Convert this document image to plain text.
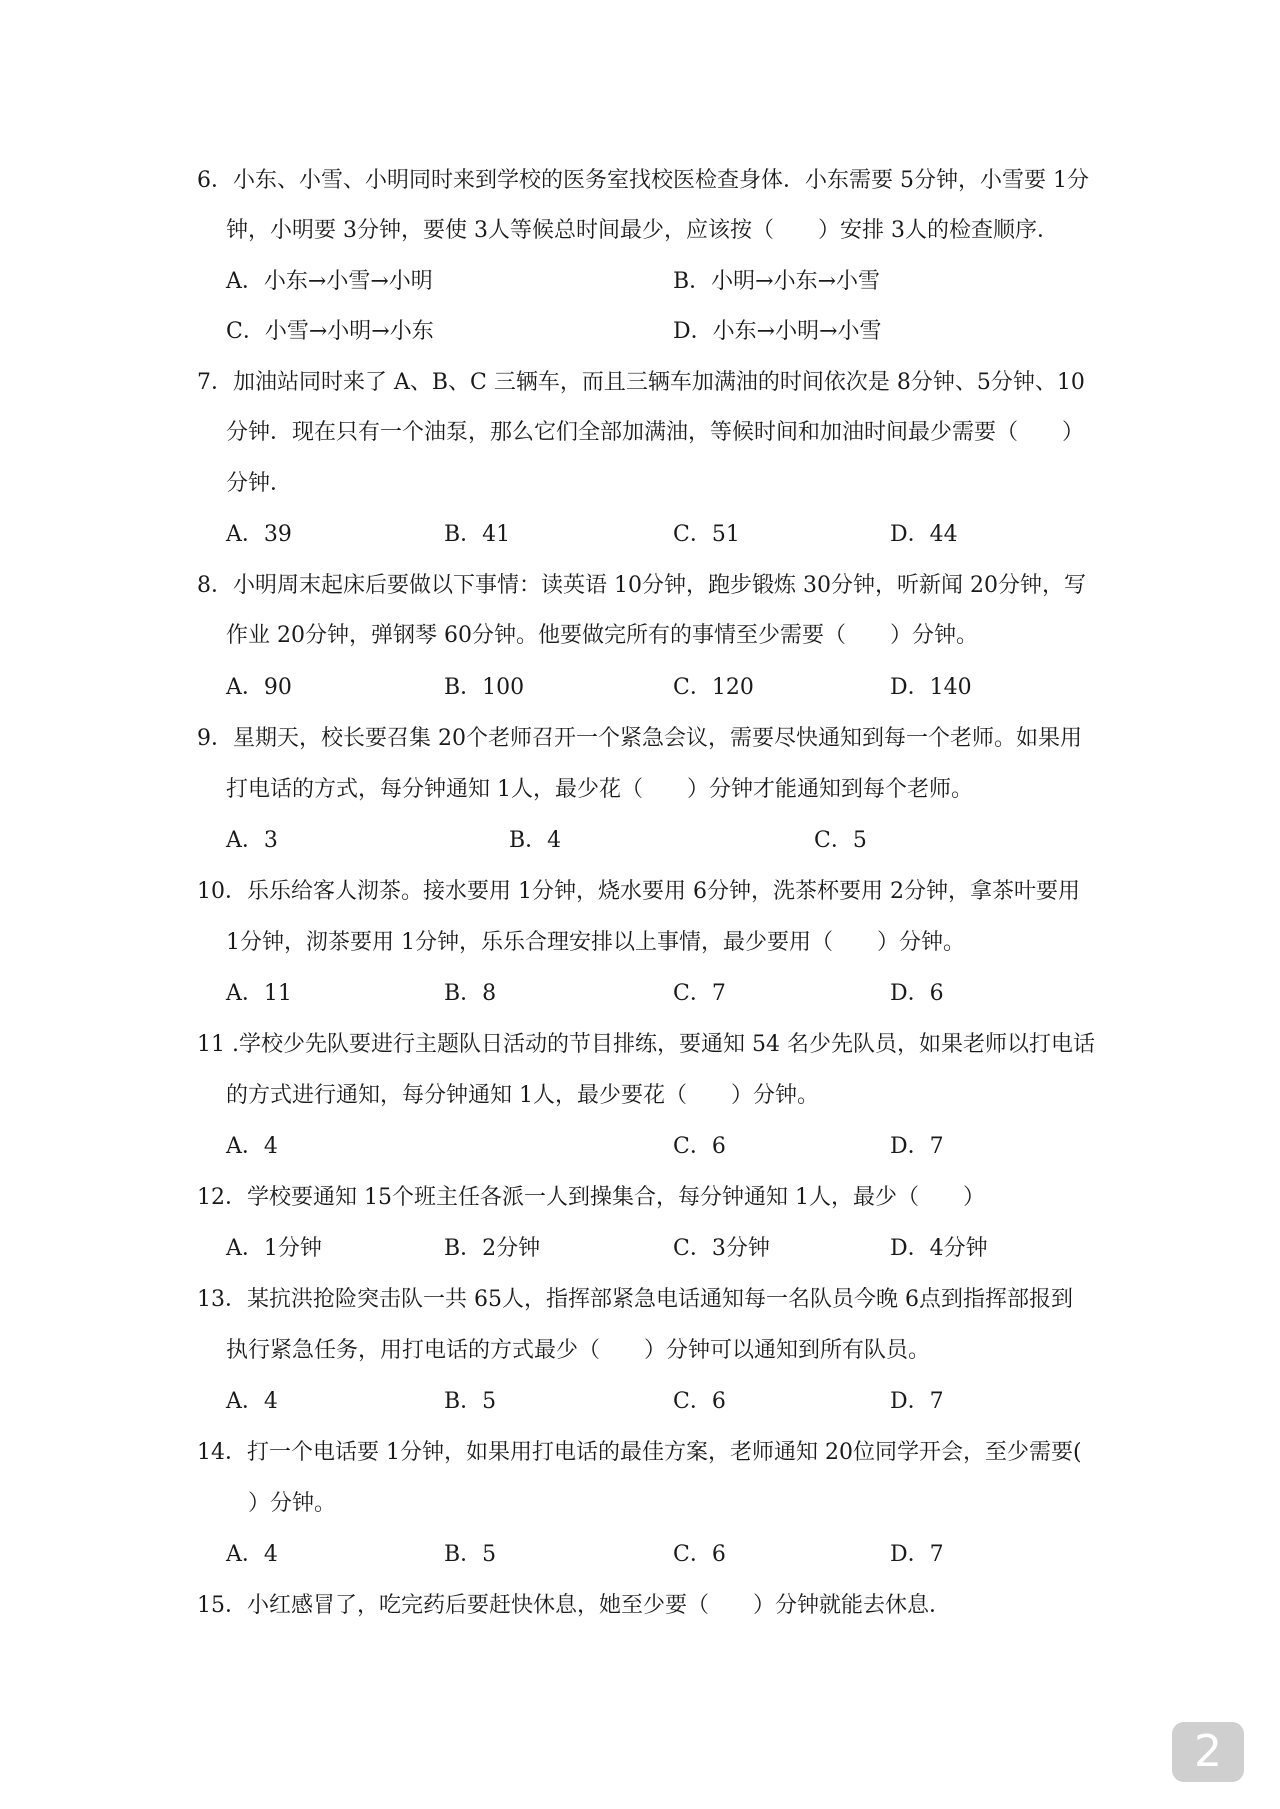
6．小东、小雪、小明同时来到学校的医务室找校医检查身体．小东需要 5分钟，小雪要 1分
钟，小明要 3分钟，要使 3人等候总时间最少，应该按（　　）安排 3人的检查顺序．
A．小东→小雪→小明	B．小明→小东→小雪
C．小雪→小明→小东	D．小东→小明→小雪
7．加油站同时来了 A、B、C 三辆车，而且三辆车加满油的时间依次是 8分钟、5分钟、10
分钟．现在只有一个油泵，那么它们全部加满油，等候时间和加油时间最少需要（　　）
分钟．
A．39	B．41	C．51	D．44
8．小明周末起床后要做以下事情：读英语 10分钟，跑步锻炼 30分钟，听新闻 20分钟，写
作业 20分钟，弹钢琴 60分钟。他要做完所有的事情至少需要（　　）分钟。
A．90	B．100	C．120	D．140
9．星期天，校长要召集 20个老师召开一个紧急会议，需要尽快通知到每一个老师。如果用
打电话的方式，每分钟通知 1人，最少花（　　）分钟才能通知到每个老师。
A．3	B．4	C．5
10．乐乐给客人沏茶。接水要用 1分钟，烧水要用 6分钟，洗茶杯要用 2分钟，拿茶叶要用
1分钟，沏茶要用 1分钟，乐乐合理安排以上事情，最少要用（　　）分钟。
A．11	B．8	C．7	D．6
11 .学校少先队要进行主题队日活动的节目排练，要通知 54 名少先队员，如果老师以打电话
的方式进行通知，每分钟通知 1人，最少要花（　　）分钟。
A．4	C．6	D．7
12．学校要通知 15个班主任各派一人到操集合，每分钟通知 1人，最少（　　）
A．1分钟	B．2分钟	C．3分钟	D．4分钟
13．某抗洪抢险突击队一共 65人，指挥部紧急电话通知每一名队员今晚 6点到指挥部报到
执行紧急任务，用打电话的方式最少（　　）分钟可以通知到所有队员。
A．4	B．5	C．6	D．7
14．打一个电话要 1分钟，如果用打电话的最佳方案，老师通知 20位同学开会，至少需要(
）分钟。
A．4	B．5	C．6	D．7
15．小红感冒了，吃完药后要赶快休息，她至少要（　　）分钟就能去休息．
2
